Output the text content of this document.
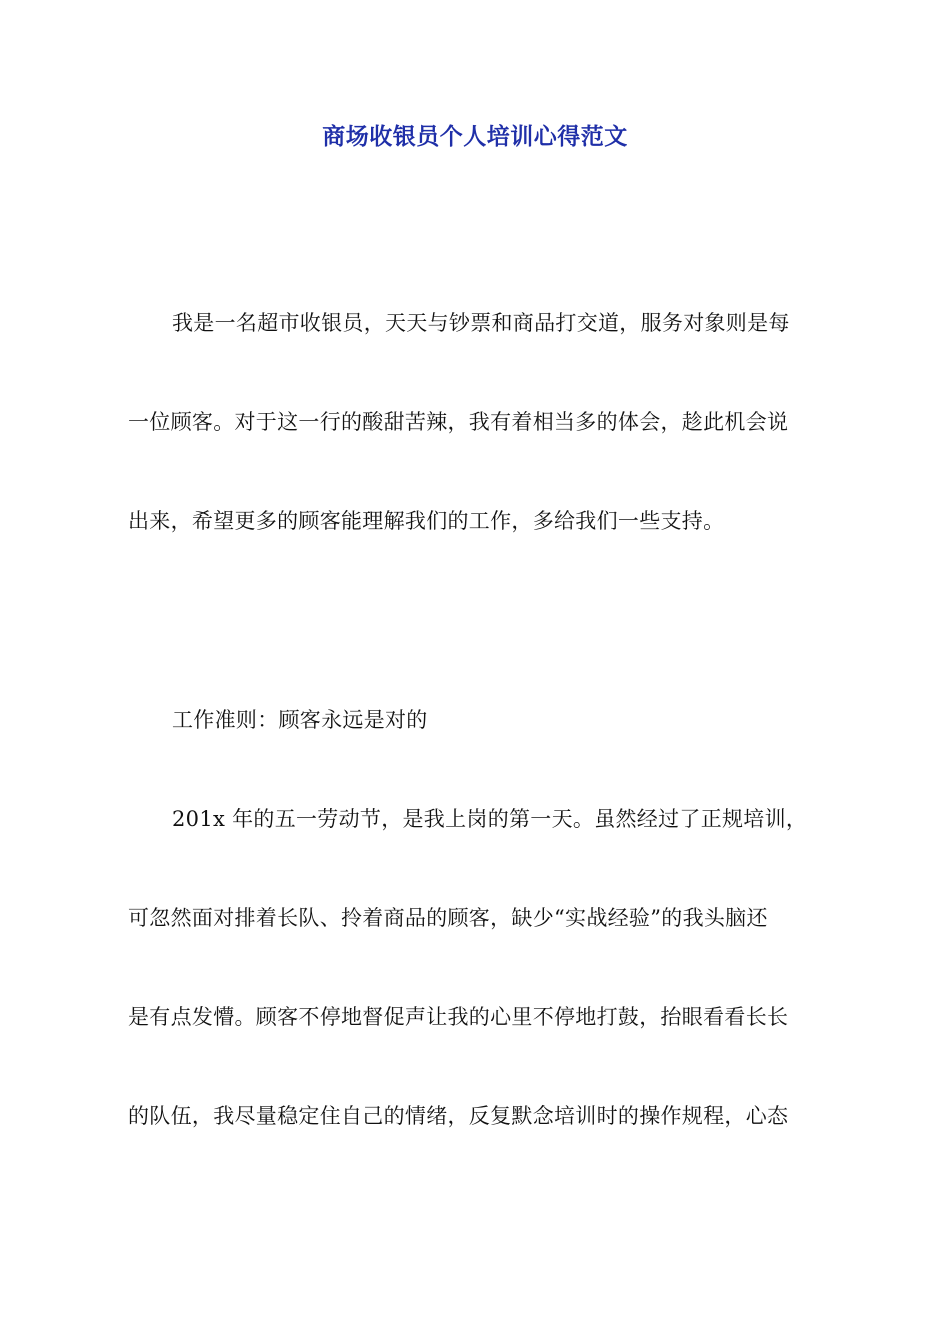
商场收银员个人培训心得范文
我是一名超市收银员，天天与钞票和商品打交道，服务对象则是每
一位顾客。对于这一行的酸甜苦辣，我有着相当多的体会，趁此机会说
出来，希望更多的顾客能理解我们的工作，多给我们一些支持。
工作准则：顾客永远是对的
201x 年的五一劳动节，是我上岗的第一天。虽然经过了正规培训，
可忽然面对排着长队、拎着商品的顾客，缺少“实战经验”的我头脑还
是有点发懵。顾客不停地督促声让我的心里不停地打鼓，抬眼看看长长
的队伍，我尽量稳定住自己的情绪，反复默念培训时的操作规程，心态
